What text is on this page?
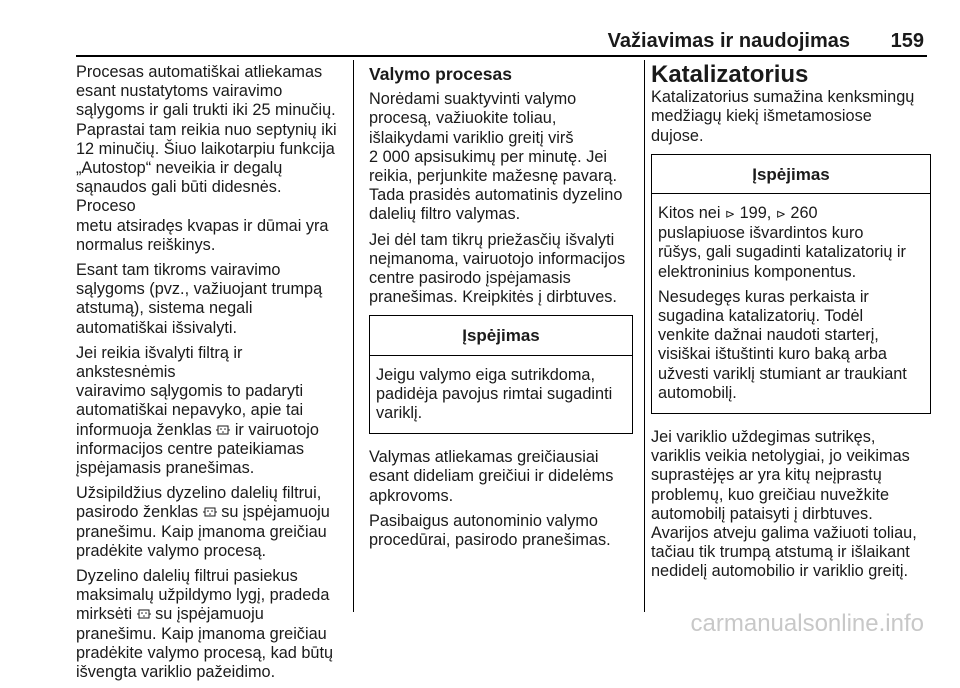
Važiavimas ir naudojimas 159

Procesas automatiškai atliekamas
esant nustatytoms vairavimo
sąlygoms ir gali trukti iki 25 minučių.
Paprastai tam reikia nuo septynių iki
12 minučių. Šiuo laikotarpiu funkcija
„Autostop“ neveikia ir degalų
sąnaudos gali būti didesnės. Proceso
metu atsiradęs kvapas ir dūmai yra
normalus reiškinys.

Esant tam tikroms vairavimo
sąlygoms (pvz., važiuojant trumpą
atstumą), sistema negali
automatiškai išsivalyti.

Jei reikia išvalyti filtrą ir ankstesnėmis
vairavimo sąlygomis to padaryti
automatiškai nepavyko, apie tai
informuoja ženklas ir vairuotojo
informacijos centre pateikiamas
įspėjamasis pranešimas.

Užsipildžius dyzelino dalelių filtrui,
pasirodo ženklas su įspėjamuoju
pranešimu. Kaip įmanoma greičiau
pradėkite valymo procesą.

Dyzelino dalelių filtrui pasiekus
maksimalų užpildymo lygį, pradeda
mirksėti su įspėjamuoju
pranešimu. Kaip įmanoma greičiau
pradėkite valymo procesą, kad būtų
išvengta variklio pažeidimo.

Valymo procesas

Norėdami suaktyvinti valymo
procesą, važiuokite toliau,
išlaikydami variklio greitį virš
2 000 apsisukimų per minutę. Jei
reikia, perjunkite mažesnę pavarą.
Tada prasidės automatinis dyzelino
dalelių filtro valymas.

Jei dėl tam tikrų priežasčių išvalyti
neįmanoma, vairuotojo informacijos
centre pasirodo įspėjamasis
pranešimas. Kreipkitės į dirbtuves.

Įspėjimas

Jeigu valymo eiga sutrikdoma,
padidėja pavojus rimtai sugadinti
variklį.

Valymas atliekamas greičiausiai
esant dideliam greičiui ir didelėms
apkrovoms.

Pasibaigus autonominio valymo
procedūrai, pasirodo pranešimas.

Katalizatorius

Katalizatorius sumažina kenksmingų
medžiagų kiekį išmetamosiose
dujose.

Įspėjimas

Kitos nei ⊳ 199, ⊳ 260
puslapiuose išvardintos kuro
rūšys, gali sugadinti katalizatorių ir
elektroninius komponentus.

Nesudegęs kuras perkaista ir
sugadina katalizatorių. Todėl
venkite dažnai naudoti starterį,
visiškai ištuštinti kuro baką arba
užvesti variklį stumiant ar traukiant
automobilį.

Jei variklio uždegimas sutrikęs,
variklis veikia netolygiai, jo veikimas
suprastėjęs ar yra kitų neįprastų
problemų, kuo greičiau nuvežkite
automobilį pataisyti į dirbtuves.
Avarijos atveju galima važiuoti toliau,
tačiau tik trumpą atstumą ir išlaikant
nedidelį automobilio ir variklio greitį.

carmanualsonline.info
